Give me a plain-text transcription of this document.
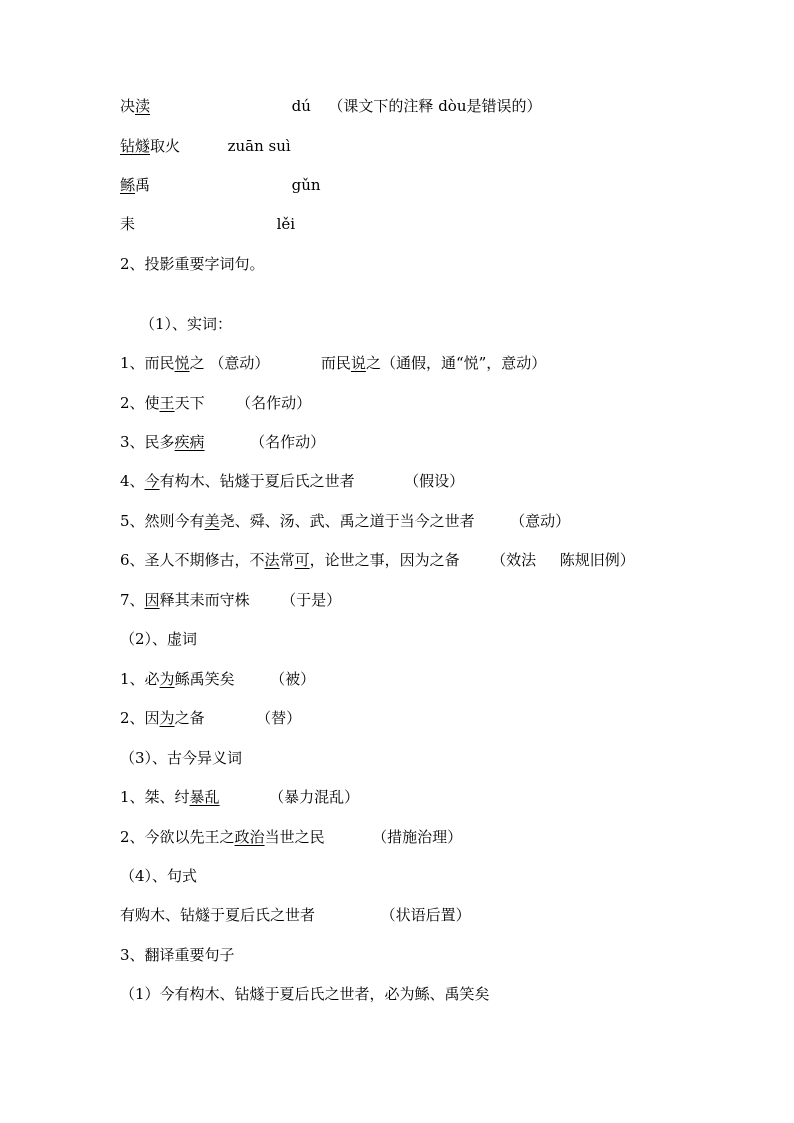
决渎	dú （课文下的注释 dòu是错误的）
钻燧取火	zuān suì
鲧禹	gǔn
耒	lěi
2、投影重要字词句。
（1）、实词：
1、而民悦之 （意动）	而民说之（通假，通“悦”，意动）
2、使王天下 （名作动）
3、民多疾病	（名作动）
4、今有构木、钻燧于夏后氏之世者	（假设）
5、然则今有美尧、舜、汤、武、禹之道于当今之世者 （意动）
6、圣人不期修古，不法常可，论世之事，因为之备 （效法 陈规旧例）
7、因释其耒而守株 （于是）
（2）、虚词
1、必为鲧禹笑矣 （被）
2、因为之备	（替）
（3）、古今异义词
1、桀、纣暴乱	（暴力混乱）
2、今欲以先王之政治当世之民	（措施治理）
（4）、句式
有购木、钻燧于夏后氏之世者	（状语后置）
3、翻译重要句子
（1）今有构木、钻燧于夏后氏之世者，必为鲧、禹笑矣
